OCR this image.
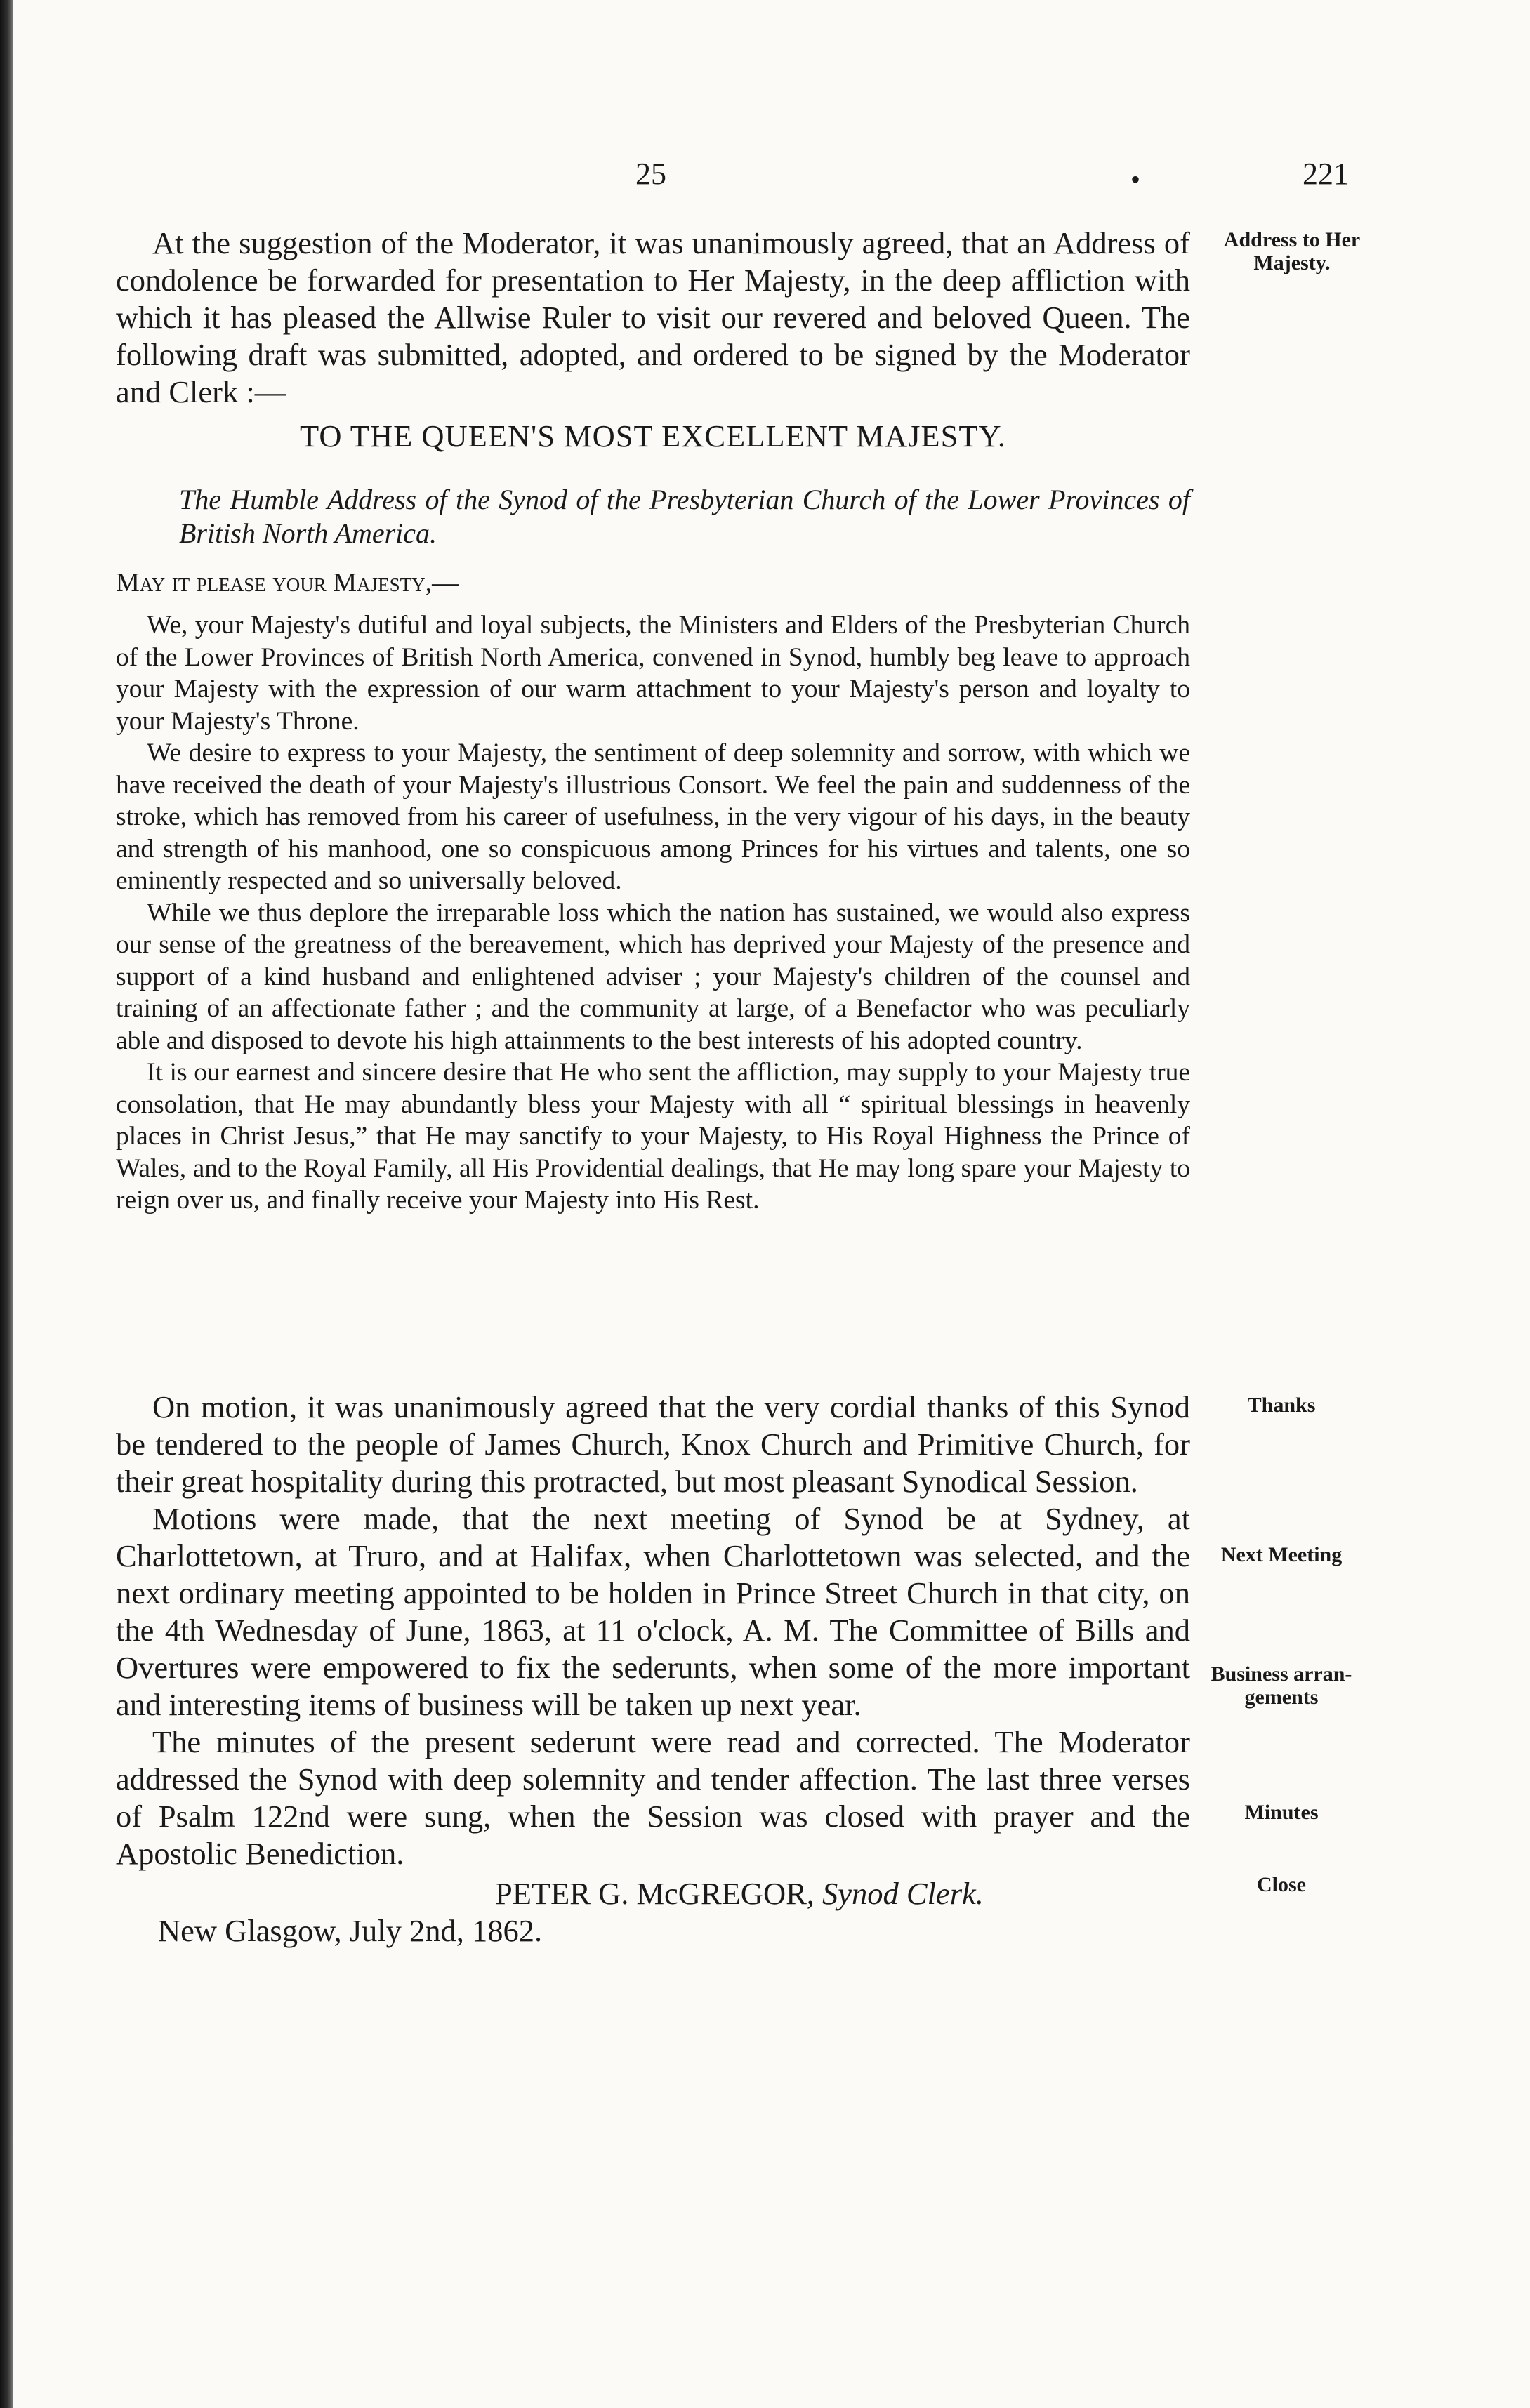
25	•	221
Address to Her Majesty.
Thanks
Next Meeting
Business arran-gements
Minutes
Close

At the suggestion of the Moderator, it was unanimously agreed, that an Address of condolence be forwarded for presentation to Her Majesty, in the deep affliction with which it has pleased the Allwise Ruler to visit our revered and beloved Queen. The following draft was submitted, adopted, and ordered to be signed by the Moderator and Clerk :—

TO THE QUEEN'S MOST EXCELLENT MAJESTY.

The Humble Address of the Synod of the Presbyterian Church of the Lower Provinces of British North America.

May it please your Majesty,—

We, your Majesty's dutiful and loyal subjects, the Ministers and Elders of the Presbyterian Church of the Lower Provinces of British North America, convened in Synod, humbly beg leave to approach your Majesty with the expression of our warm attachment to your Majesty's person and loyalty to your Majesty's Throne.

We desire to express to your Majesty, the sentiment of deep solemnity and sorrow, with which we have received the death of your Majesty's illustrious Consort. We feel the pain and suddenness of the stroke, which has removed from his career of usefulness, in the very vigour of his days, in the beauty and strength of his manhood, one so conspicuous among Princes for his virtues and talents, one so eminently respected and so universally beloved.

While we thus deplore the irreparable loss which the nation has sustained, we would also express our sense of the greatness of the bereavement, which has deprived your Majesty of the presence and support of a kind husband and enlightened adviser ; your Majesty's children of the counsel and training of an affectionate father ; and the community at large, of a Benefactor who was peculiarly able and disposed to devote his high attainments to the best interests of his adopted country.

It is our earnest and sincere desire that He who sent the affliction, may supply to your Majesty true consolation, that He may abundantly bless your Majesty with all “ spiritual blessings in heavenly places in Christ Jesus,” that He may sanctify to your Majesty, to His Royal Highness the Prince of Wales, and to the Royal Family, all His Providential dealings, that He may long spare your Majesty to reign over us, and finally receive your Majesty into His Rest.

On motion, it was unanimously agreed that the very cordial thanks of this Synod be tendered to the people of James Church, Knox Church and Primitive Church, for their great hospitality during this protracted, but most pleasant Synodical Session.

Motions were made, that the next meeting of Synod be at Sydney, at Charlottetown, at Truro, and at Halifax, when Charlottetown was selected, and the next ordinary meeting appointed to be holden in Prince Street Church in that city, on the 4th Wednesday of June, 1863, at 11 o'clock, A. M. The Committee of Bills and Overtures were empowered to fix the sederunts, when some of the more important and interesting items of business will be taken up next year.

The minutes of the present sederunt were read and corrected. The Moderator addressed the Synod with deep solemnity and tender affection. The last three verses of Psalm 122nd were sung, when the Session was closed with prayer and the Apostolic Benediction.

PETER G. McGREGOR, Synod Clerk.

New Glasgow, July 2nd, 1862.
